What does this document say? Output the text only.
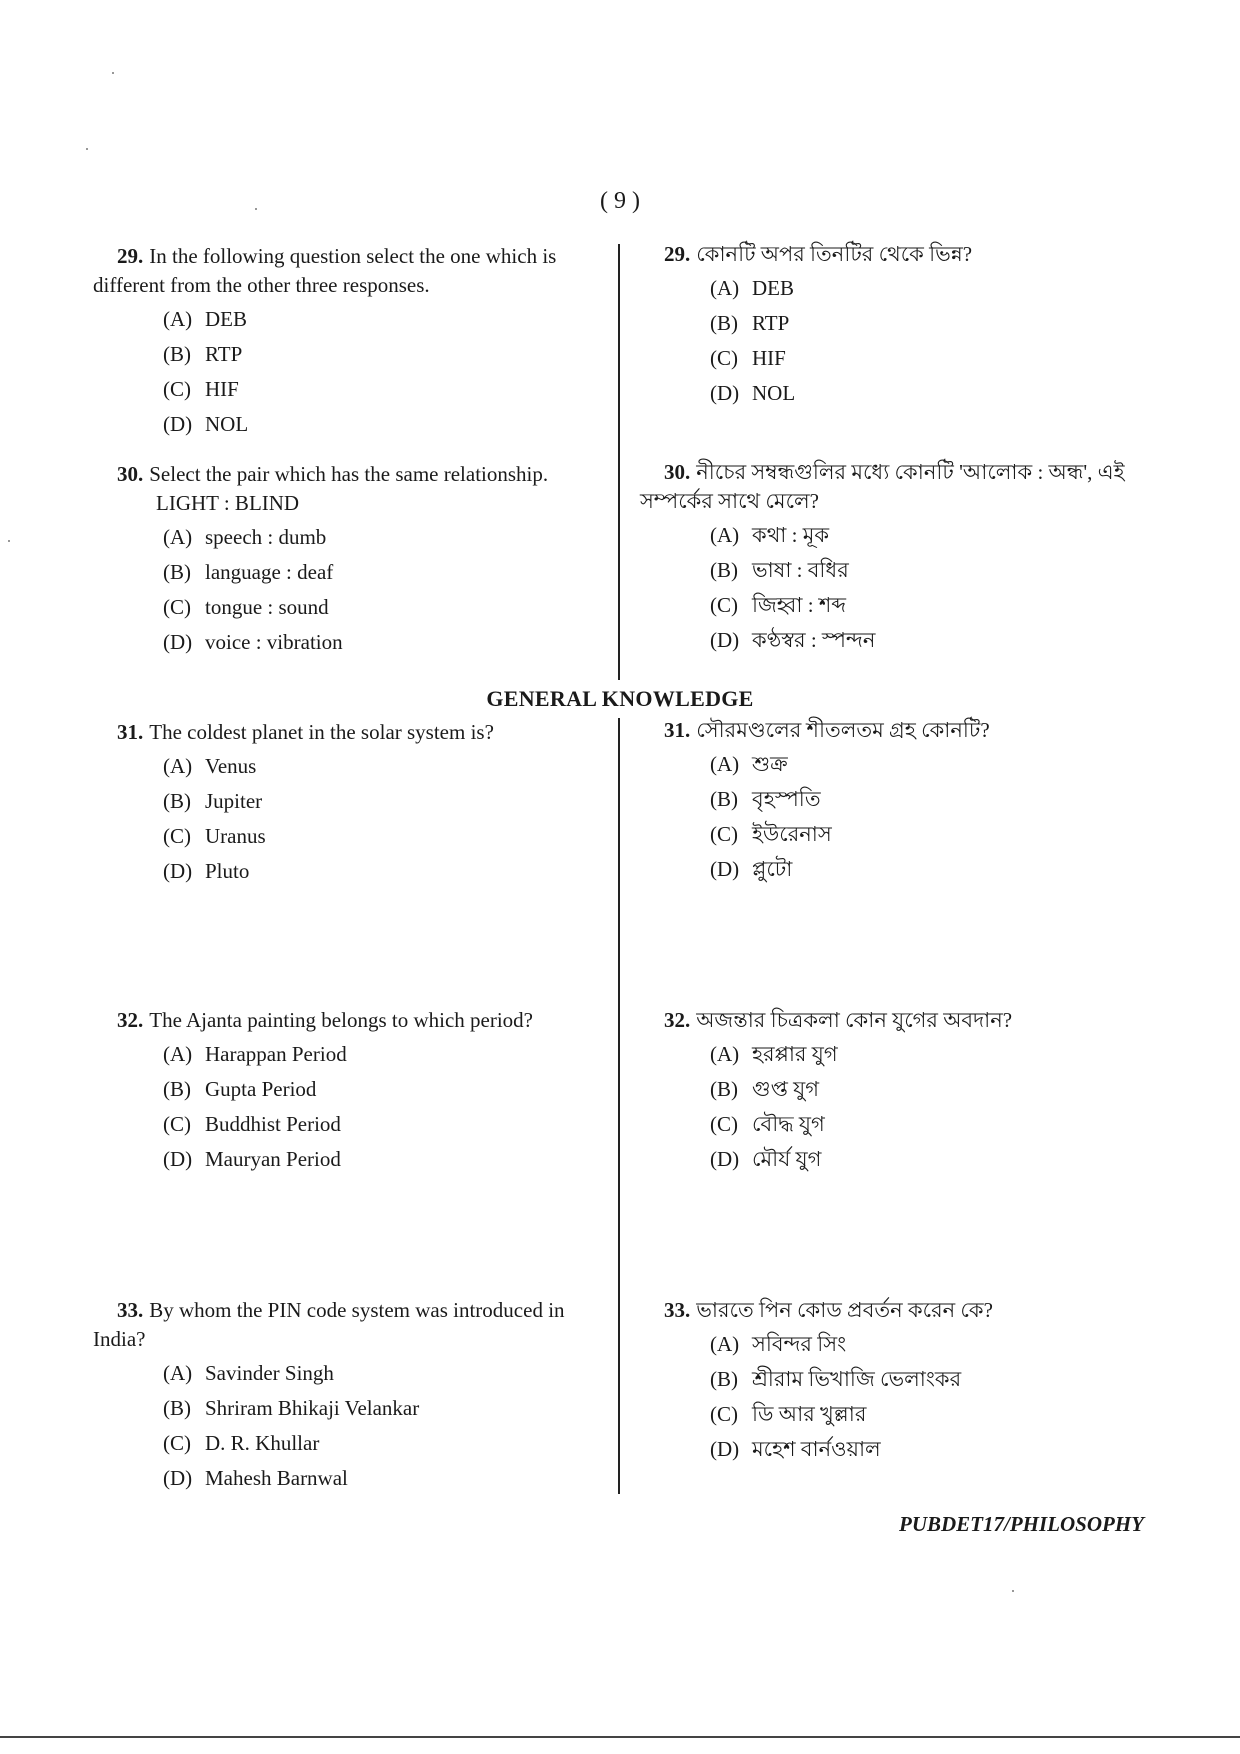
( 9 )
29. In the following question select the one which is different from the other three responses.
(A) DEB
(B) RTP
(C) HIF
(D) NOL
30. Select the pair which has the same relationship.
LIGHT : BLIND
(A) speech : dumb
(B) language : deaf
(C) tongue : sound
(D) voice : vibration
GENERAL KNOWLEDGE
31. The coldest planet in the solar system is?
(A) Venus
(B) Jupiter
(C) Uranus
(D) Pluto
32. The Ajanta painting belongs to which period?
(A) Harappan Period
(B) Gupta Period
(C) Buddhist Period
(D) Mauryan Period
33. By whom the PIN code system was introduced in India?
(A) Savinder Singh
(B) Shriram Bhikaji Velankar
(C) D. R. Khullar
(D) Mahesh Barnwal
29. কোনটি অপর তিনটির থেকে ভিন্ন?
(A) DEB
(B) RTP
(C) HIF
(D) NOL
30. নীচের সম্বন্ধগুলির মধ্যে কোনটি 'আলোক : অন্ধ', এই সম্পর্কের সাথে মেলে?
(A) কথা : মূক
(B) ভাষা : বধির
(C) জিহ্বা : শব্দ
(D) কণ্ঠস্বর : স্পন্দন
31. সৌরমণ্ডলের শীতলতম গ্রহ কোনটি?
(A) শুক্র
(B) বৃহস্পতি
(C) ইউরেনাস
(D) প্লুটো
32. অজন্তার চিত্রকলা কোন যুগের অবদান?
(A) হরপ্পার যুগ
(B) গুপ্ত যুগ
(C) বৌদ্ধ যুগ
(D) মৌর্য যুগ
33. ভারতে পিন কোড প্রবর্তন করেন কে?
(A) সবিন্দর সিং
(B) শ্রীরাম ভিখাজি ভেলাংকর
(C) ডি আর খুল্লার
(D) মহেশ বার্নওয়াল
PUBDET17/PHILOSOPHY
